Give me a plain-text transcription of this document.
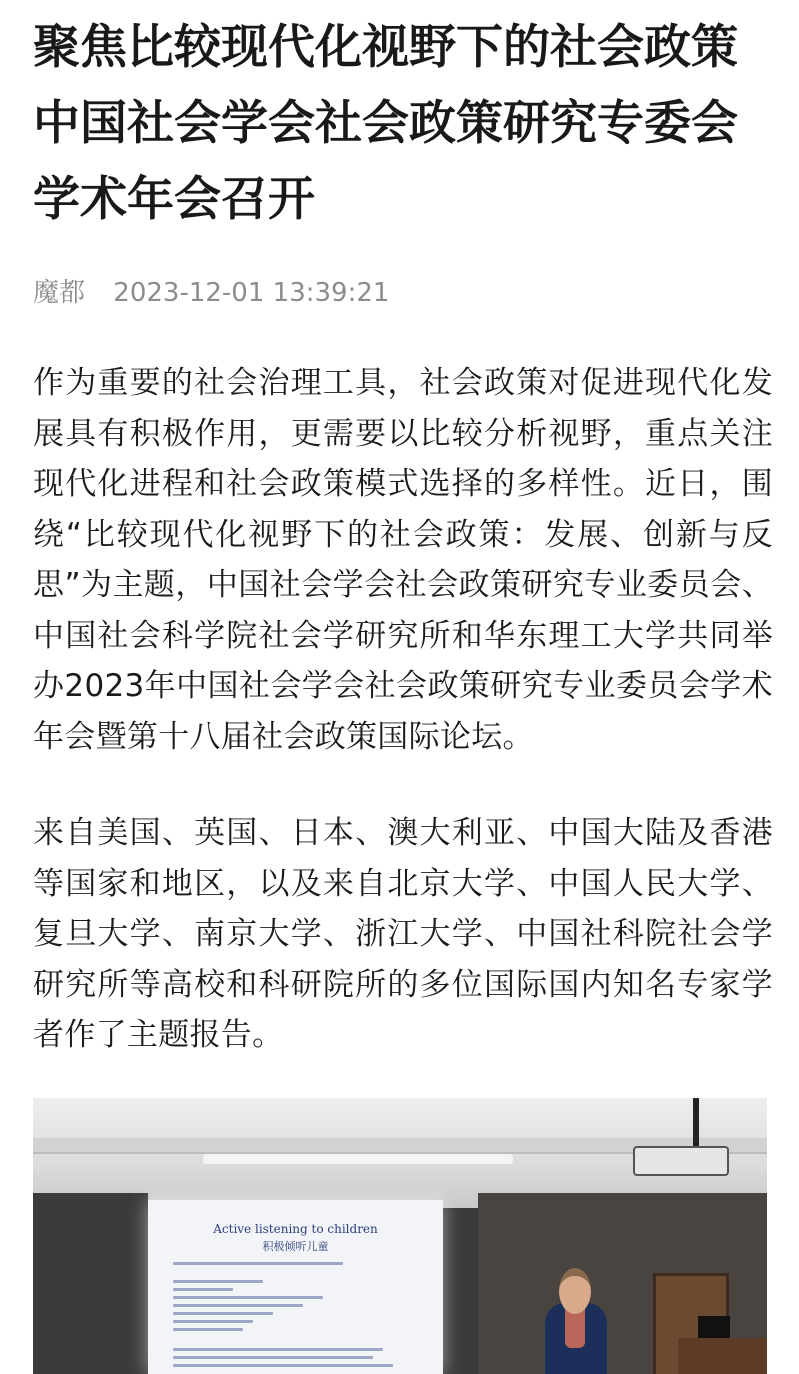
聚焦比较现代化视野下的社会政策 中国社会学会社会政策研究专委会学术年会召开
魔都 2023-12-01 13:39:21

作为重要的社会治理工具，社会政策对促进现代化发展具有积极作用，更需要以比较分析视野，重点关注现代化进程和社会政策模式选择的多样性。近日，围绕“比较现代化视野下的社会政策：发展、创新与反思”为主题，中国社会学会社会政策研究专业委员会、中国社会科学院社会学研究所和华东理工大学共同举办2023年中国社会学会社会政策研究专业委员会学术年会暨第十八届社会政策国际论坛。

来自美国、英国、日本、澳大利亚、中国大陆及香港等国家和地区，以及来自北京大学、中国人民大学、复旦大学、南京大学、浙江大学、中国社科院社会学研究所等高校和科研院所的多位国际国内知名专家学者作了主题报告。

Active listening to children
积极倾听儿童
